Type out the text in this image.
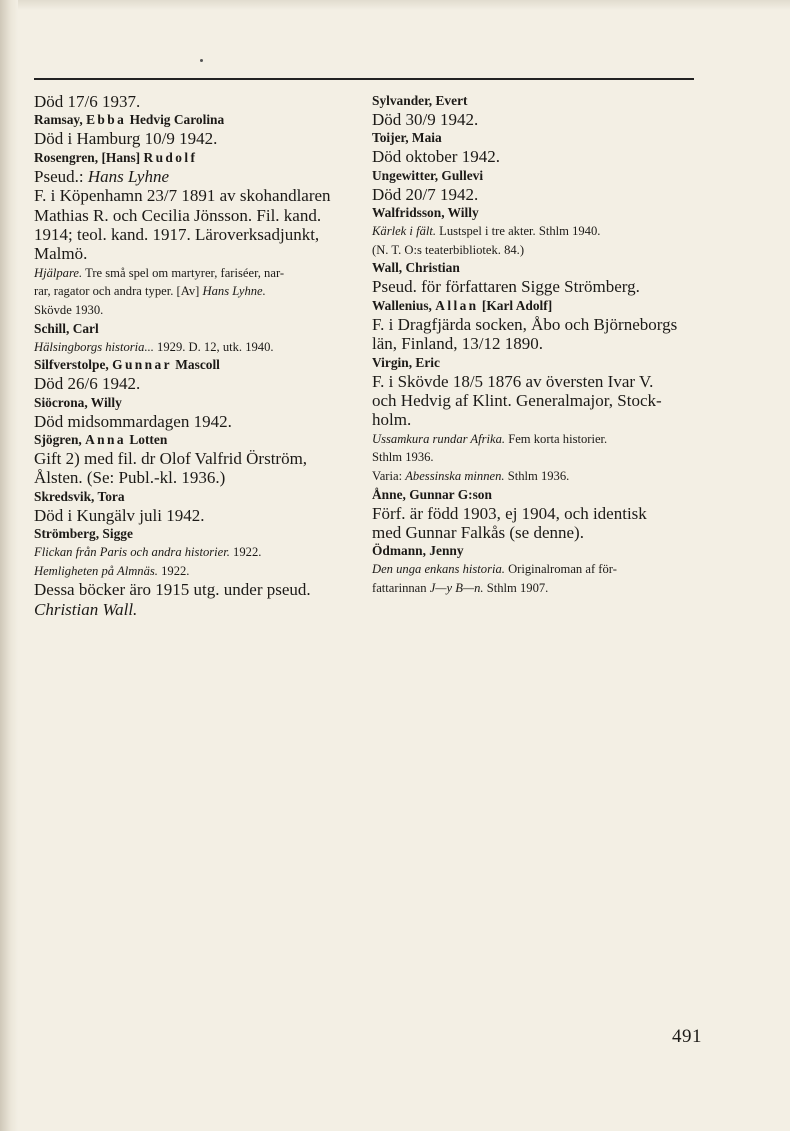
Död 17/6 1937.
Ramsay, Ebba Hedvig Carolina
Död i Hamburg 10/9 1942.
Rosengren, [Hans] Rudolf
Pseud.: Hans Lyhne
F. i Köpenhamn 23/7 1891 av skohandlaren
Mathias R. och Cecilia Jönsson. Fil. kand.
1914; teol. kand. 1917. Läroverksadjunkt,
Malmö.
Hjälpare. Tre små spel om martyrer, fariséer, nar-
rar, ragator och andra typer. [Av] Hans Lyhne.
Skövde 1930.
Schill, Carl
Hälsingborgs historia... 1929. D. 12, utk. 1940.
Silfverstolpe, Gunnar Mascoll
Död 26/6 1942.
Siöcrona, Willy
Död midsommardagen 1942.
Sjögren, Anna Lotten
Gift 2) med fil. dr Olof Valfrid Örström,
Ålsten. (Se: Publ.-kl. 1936.)
Skredsvik, Tora
Död i Kungälv juli 1942.
Strömberg, Sigge
Flickan från Paris och andra historier. 1922.
Hemligheten på Almnäs. 1922.
Dessa böcker äro 1915 utg. under pseud.
Christian Wall.
Sylvander, Evert
Död 30/9 1942.
Toijer, Maia
Död oktober 1942.
Ungewitter, Gullevi
Död 20/7 1942.
Walfridsson, Willy
Kärlek i fält. Lustspel i tre akter. Sthlm 1940.
(N. T. O:s teaterbibliotek. 84.)
Wall, Christian
Pseud. för författaren Sigge Strömberg.
Wallenius, Allan [Karl Adolf]
F. i Dragfjärda socken, Åbo och Björneborgs
län, Finland, 13/12 1890.
Virgin, Eric
F. i Skövde 18/5 1876 av översten Ivar V.
och Hedvig af Klint. Generalmajor, Stock-
holm.
Ussamkura rundar Afrika. Fem korta historier.
Sthlm 1936.
Varia: Abessinska minnen. Sthlm 1936.
Ånne, Gunnar G:son
Förf. är född 1903, ej 1904, och identisk
med Gunnar Falkås (se denne).
Ödmann, Jenny
Den unga enkans historia. Originalroman af för-
fattarinnan J—y B—n. Sthlm 1907.
491
